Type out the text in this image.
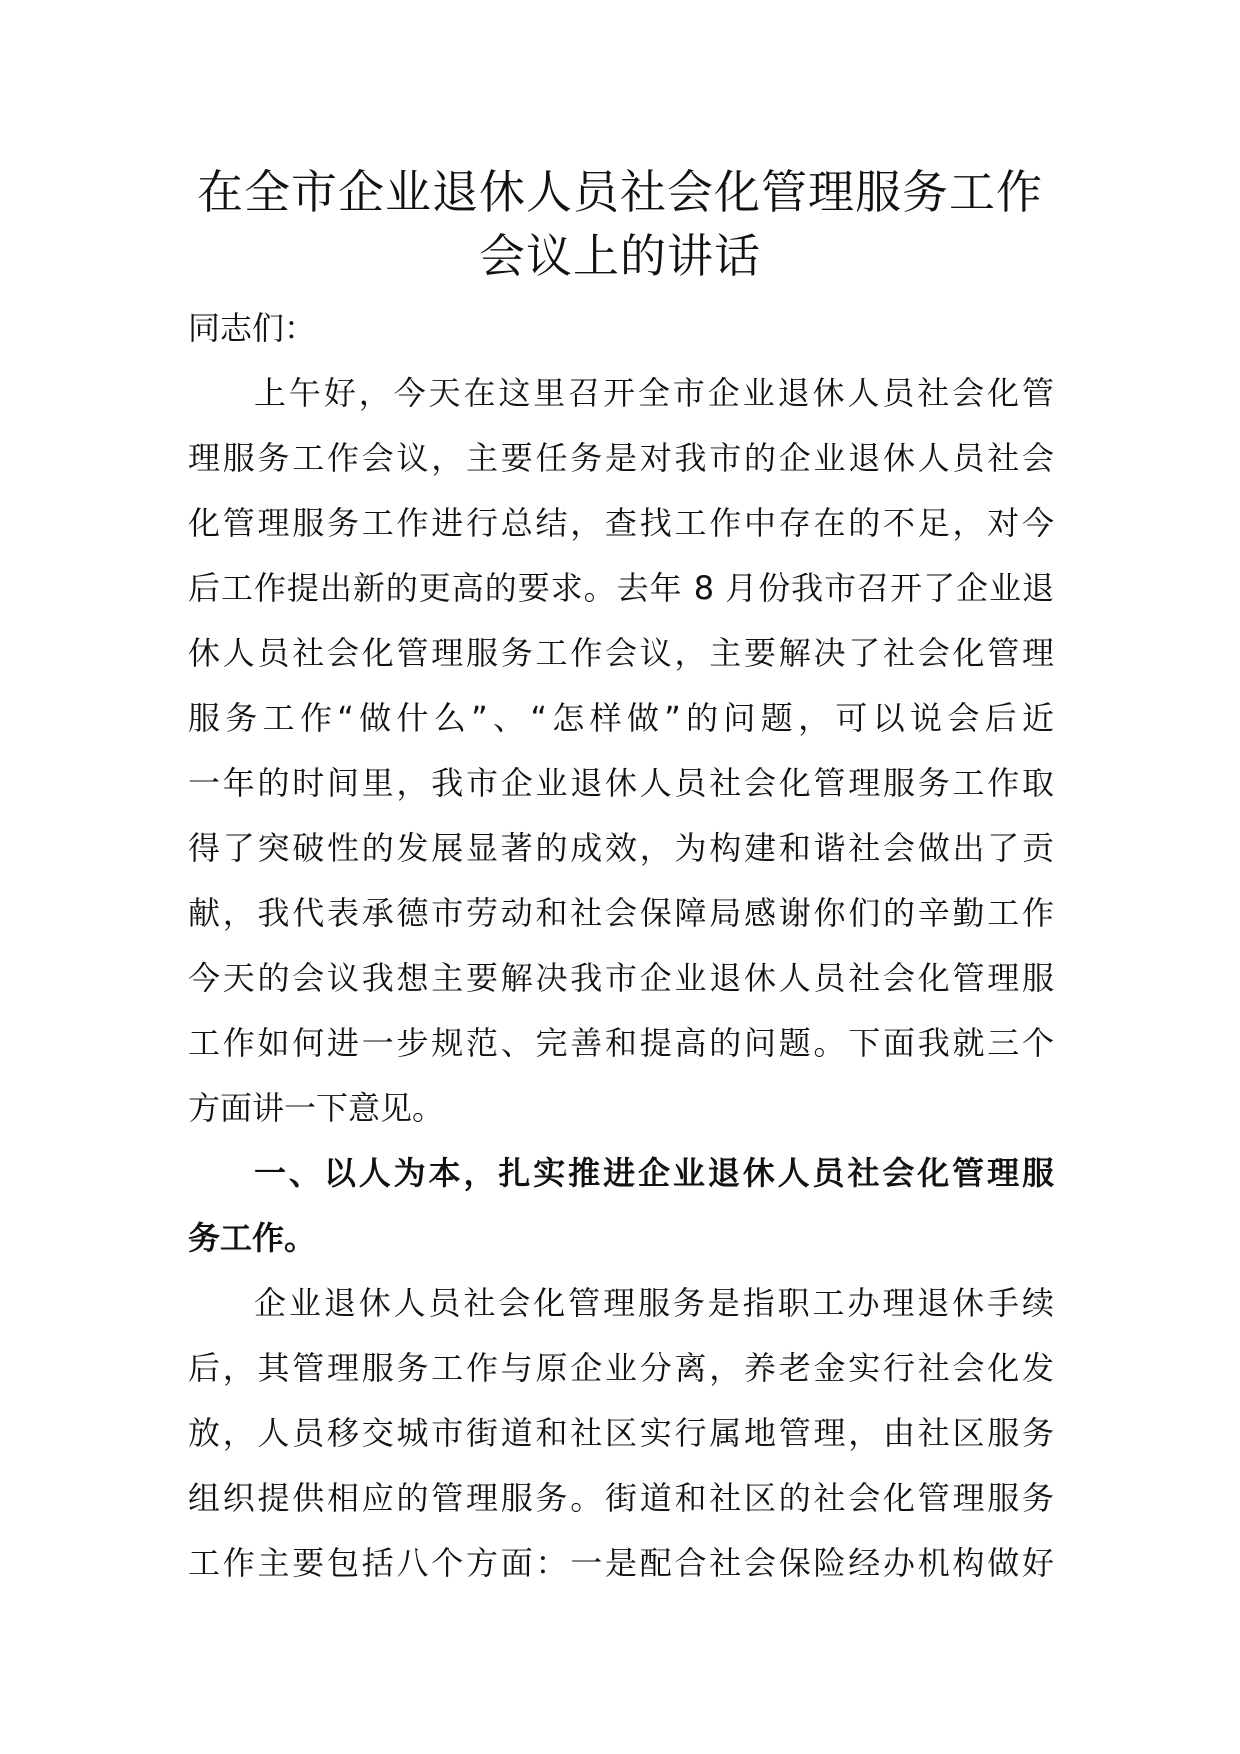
在全市企业退休人员社会化管理服务工作
会议上的讲话
同志们：
上午好，今天在这里召开全市企业退休人员社会化管
理服务工作会议，主要任务是对我市的企业退休人员社会
化管理服务工作进行总结，查找工作中存在的不足，对今
后工作提出新的更高的要求。去年 8 月份我市召开了企业退
休人员社会化管理服务工作会议，主要解决了社会化管理
服务工作“做什么”、“怎样做”的问题，可以说会后近
一年的时间里，我市企业退休人员社会化管理服务工作取
得了突破性的发展显著的成效，为构建和谐社会做出了贡
献，我代表承德市劳动和社会保障局感谢你们的辛勤工作
今天的会议我想主要解决我市企业退休人员社会化管理服
工作如何进一步规范、完善和提高的问题。下面我就三个
方面讲一下意见。
一、以人为本，扎实推进企业退休人员社会化管理服
务工作。
企业退休人员社会化管理服务是指职工办理退休手续
后，其管理服务工作与原企业分离，养老金实行社会化发
放，人员移交城市街道和社区实行属地管理，由社区服务
组织提供相应的管理服务。街道和社区的社会化管理服务
工作主要包括八个方面：一是配合社会保险经办机构做好
